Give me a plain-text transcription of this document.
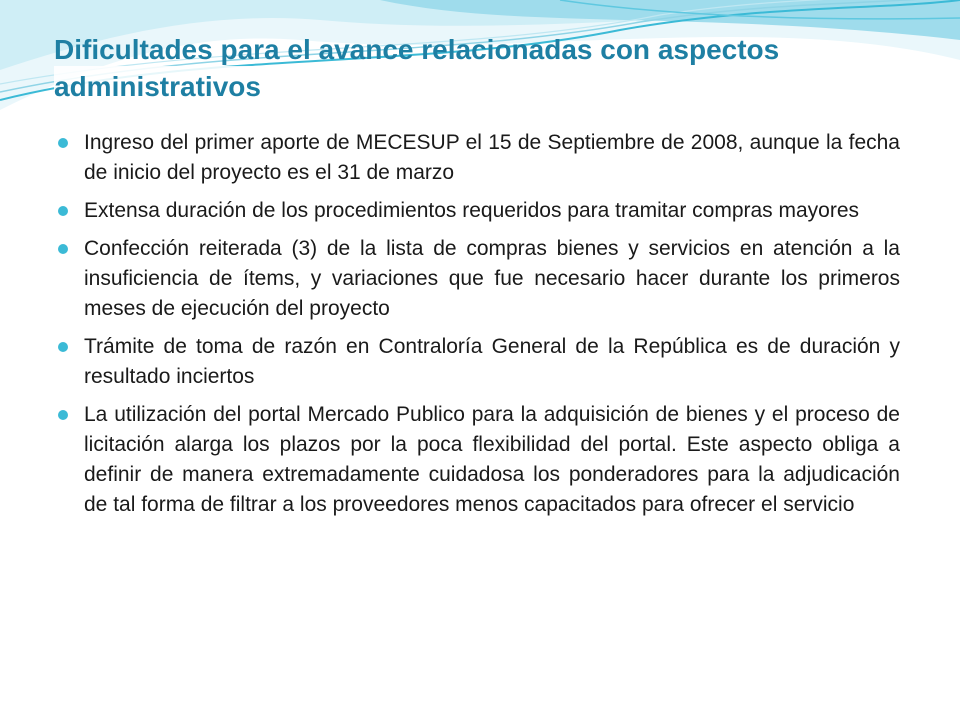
Dificultades para el avance relacionadas con aspectos administrativos
Ingreso del primer aporte de MECESUP el 15 de Septiembre de 2008, aunque la fecha de inicio del proyecto es el 31 de marzo
Extensa duración de los procedimientos requeridos para tramitar compras mayores
Confección reiterada (3) de la lista de compras bienes y servicios en atención a la insuficiencia de ítems, y variaciones que fue necesario hacer durante los primeros meses de ejecución del proyecto
Trámite de toma de razón en Contraloría General de la República es de duración y resultado inciertos
La utilización del portal Mercado Publico para la adquisición de bienes y el proceso de licitación alarga los plazos por la poca flexibilidad del portal. Este aspecto obliga a definir de manera extremadamente cuidadosa los ponderadores para la adjudicación de tal forma de filtrar a los proveedores menos capacitados para ofrecer el servicio
